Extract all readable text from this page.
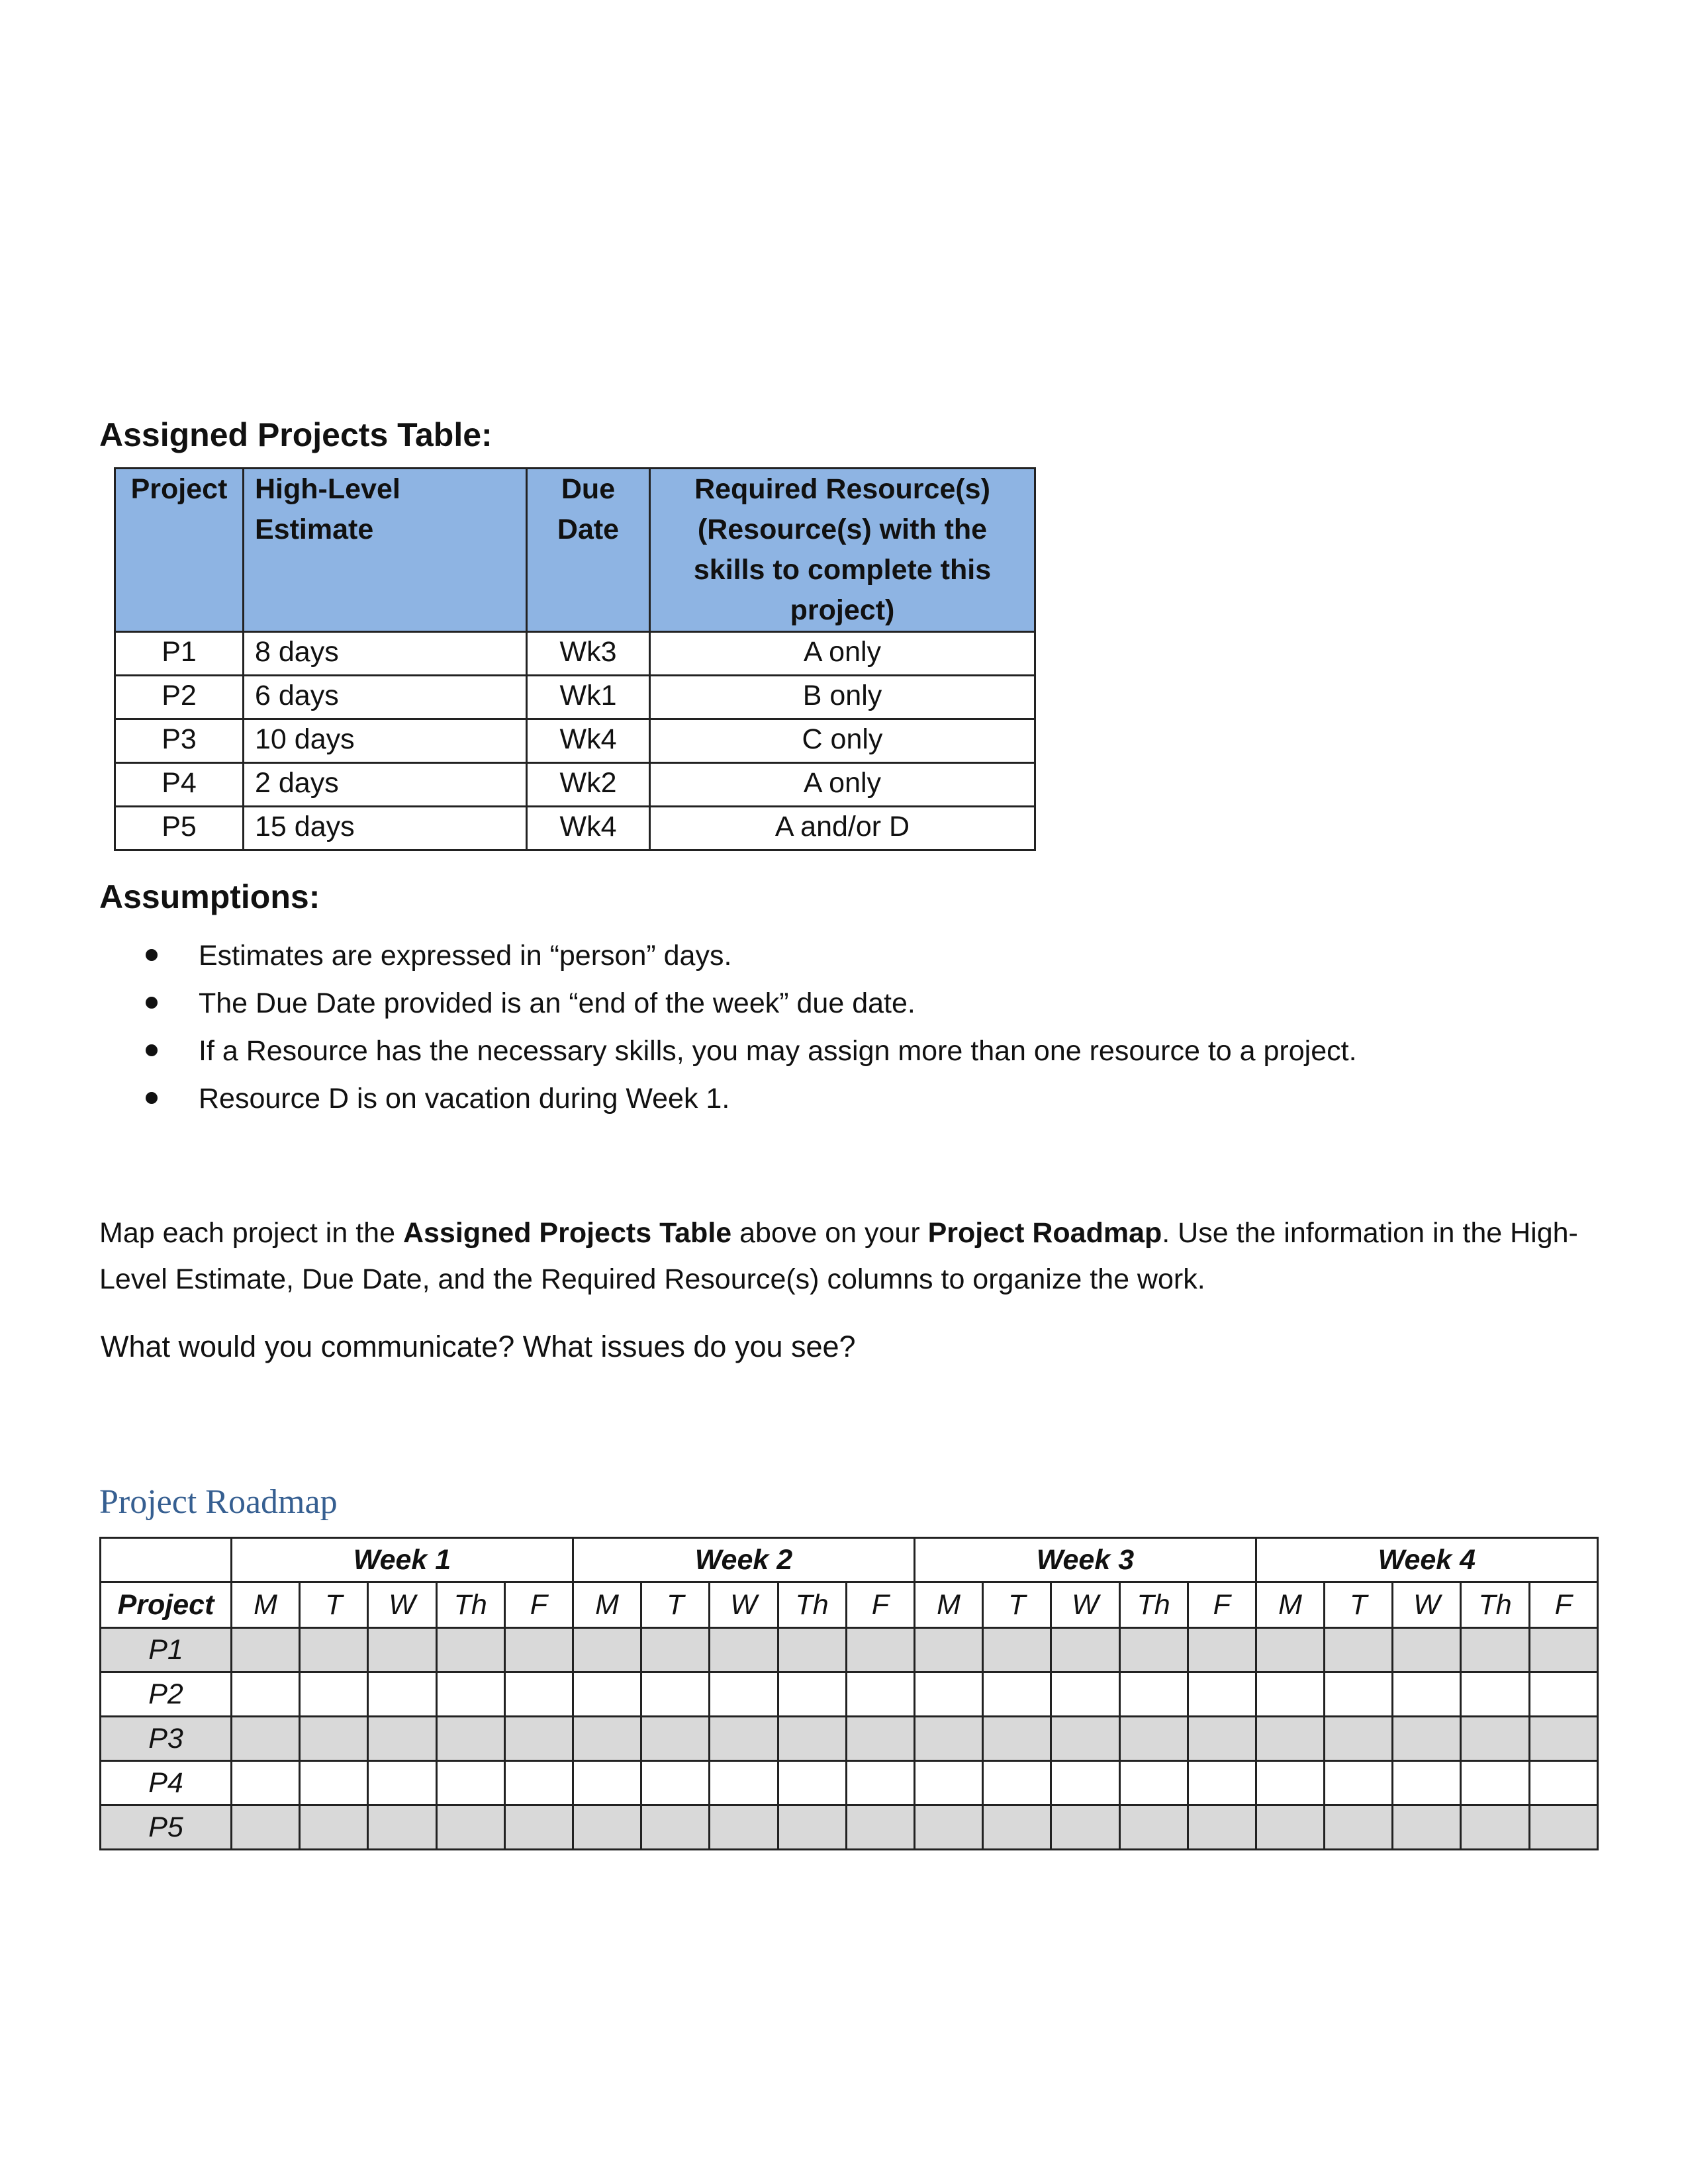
Assigned Projects Table:
Project	High-Level Estimate	Due Date	Required Resource(s) (Resource(s) with the skills to complete this project)
P1	8 days	Wk3	A only
P2	6 days	Wk1	B only
P3	10 days	Wk4	C only
P4	2 days	Wk2	A only
P5	15 days	Wk4	A and/or D
Assumptions:
Estimates are expressed in “person” days.
The Due Date provided is an “end of the week” due date.
If a Resource has the necessary skills, you may assign more than one resource to a project.
Resource D is on vacation during Week 1.
Map each project in the Assigned Projects Table above on your Project Roadmap. Use the information in the High-Level Estimate, Due Date, and the Required Resource(s) columns to organize the work.
What would you communicate? What issues do you see?
Project Roadmap
	Week 1					Week 2					Week 3					Week 4				
Project	M	T	W	Th	F	M	T	W	Th	F	M	T	W	Th	F	M	T	W	Th	F
P1																				
P2																				
P3																				
P4																				
P5																				
